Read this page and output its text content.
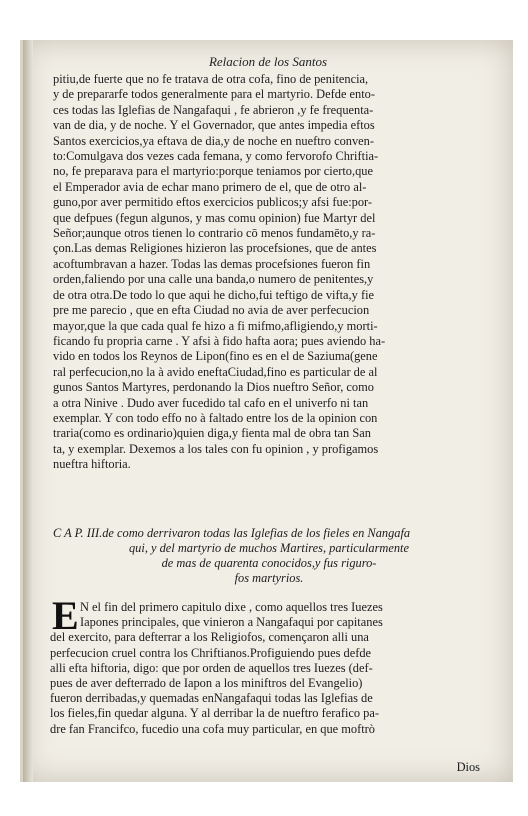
Relacion de los Santos
pitiu,de fuerte que no fe tratava de otra cofa, fino de penitencia,
y de prepararfe todos generalmente para el martyrio. Defde ento-
ces todas las Iglefias de Nangafaqui , fe abrieron ,y fe frequenta-
van de dia, y de noche. Y el Governador, que antes impedia eftos
Santos exercicios,ya eftava de dia,y de noche en nueftro conven-
to:Comulgava dos vezes cada femana, y como fervorofo Chriftia-
no, fe preparava para el martyrio:porque teniamos por cierto,que
el Emperador avia de echar mano primero de el, que de otro al-
guno,por aver permitido eftos exercicios publicos;y afsi fue:por-
que defpues (fegun algunos, y mas comu opinion) fue Martyr del
Señor;aunque otros tienen lo contrario cō menos fundamēto,y ra-
çon.Las demas Religiones hizieron las procefsiones, que de antes
acoftumbravan a hazer. Todas las demas procefsiones fueron fin
orden,faliendo por una calle una banda,o numero de penitentes,y
de otra otra.De todo lo que aqui he dicho,fui teftigo de vifta,y fie
pre me parecio , que en efta Ciudad no avia de aver perfecucion
mayor,que la que cada qual fe hizo a fi mifmo,afligiendo,y morti-
ficando fu propria carne . Y afsi à fido hafta aora; pues aviendo ha-
vido en todos los Reynos de Lipon(fino es en el de Saziuma(gene
ral perfecucion,no la à avido eneftaCiudad,fino es particular de al
gunos Santos Martyres, perdonando la Dios nueftro Señor, como
a otra Ninive . Dudo aver fucedido tal cafo en el univerfo ni tan
exemplar. Y con todo effo no à faltado entre los de la opinion con
traria(como es ordinario)quien diga,y fienta mal de obra tan San
ta, y exemplar. Dexemos a los tales con fu opinion , y profigamos
nueftra hiftoria.
C A P. III.de como derrivaron todas las Iglefias de los fieles en Nangafa
qui, y del martyrio de muchos Martires, particularmente
de mas de quarenta conocidos,y fus riguro-
fos martyrios.
E N el fin del primero capitulo dixe , como aquellos tres Iuezes
Iapones principales, que vinieron a Nangafaqui por capitanes
del exercito, para defterrar a los Religiofos, començaron alli una
perfecucion cruel contra los Chriftianos.Profiguiendo pues defde
alli efta hiftoria, digo: que por orden de aquellos tres Iuezes (def-
pues de aver defterrado de Iapon a los miniftros del Evangelio)
fueron derribadas,y quemadas enNangafaqui todas las Iglefias de
los fieles,fin quedar alguna. Y al derribar la de nueftro ferafico pa-
dre fan Francifco, fucedio una cofa muy particular, en que moftrò
Dios
